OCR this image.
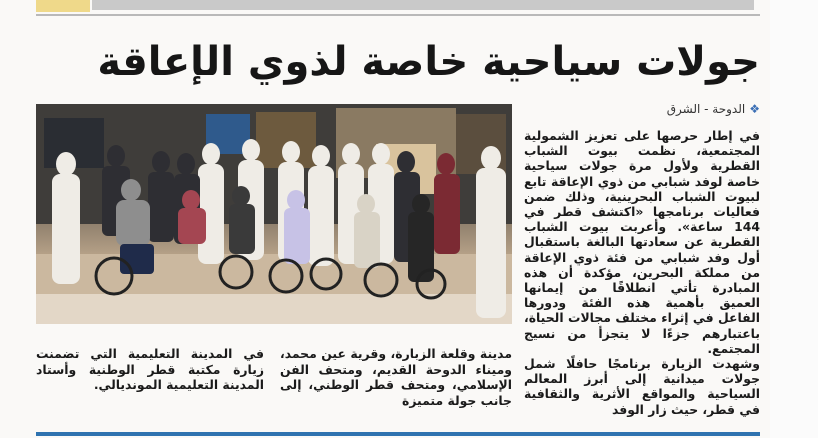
جولات سياحية خاصة لذوي الإعاقة
❖الدوحة - الشرق

في إطار حرصها على تعزيز الشمولية المجتمعية، نظمت بيوت الشباب القطرية ولأول مرة جولات سياحية خاصة لوفد شبابي من ذوي الإعاقة تابع لبيوت الشباب البحرينية، وذلك ضمن فعاليات برنامجها «اكتشف قطر في 144 ساعة». وأعربت بيوت الشباب القطرية عن سعادتها البالغة باستقبال أول وفد شبابي من فئة ذوي الإعاقة من مملكة البحرين، مؤكدة أن هذه المبادرة تأتي انطلاقًا من إيمانها العميق بأهمية هذه الفئة ودورها الفاعل في إثراء مختلف مجالات الحياة، باعتبارهم جزءًا لا يتجزأ من نسيج المجتمع.

وشهدت الزيارة برنامجًا حافلًا شمل جولات ميدانية إلى أبرز المعالم السياحية والمواقع الأثرية والثقافية في قطر، حيث زار الوفد

مدينة وقلعة الزبارة، وقرية عين محمد، وميناء الدوحة القديم، ومتحف الفن الإسلامي، ومتحف قطر الوطني، إلى جانب جولة متميزة
في المدينة التعليمية التي تضمنت زيارة مكتبة قطر الوطنية وأستاد المدينة التعليمية المونديالي.
